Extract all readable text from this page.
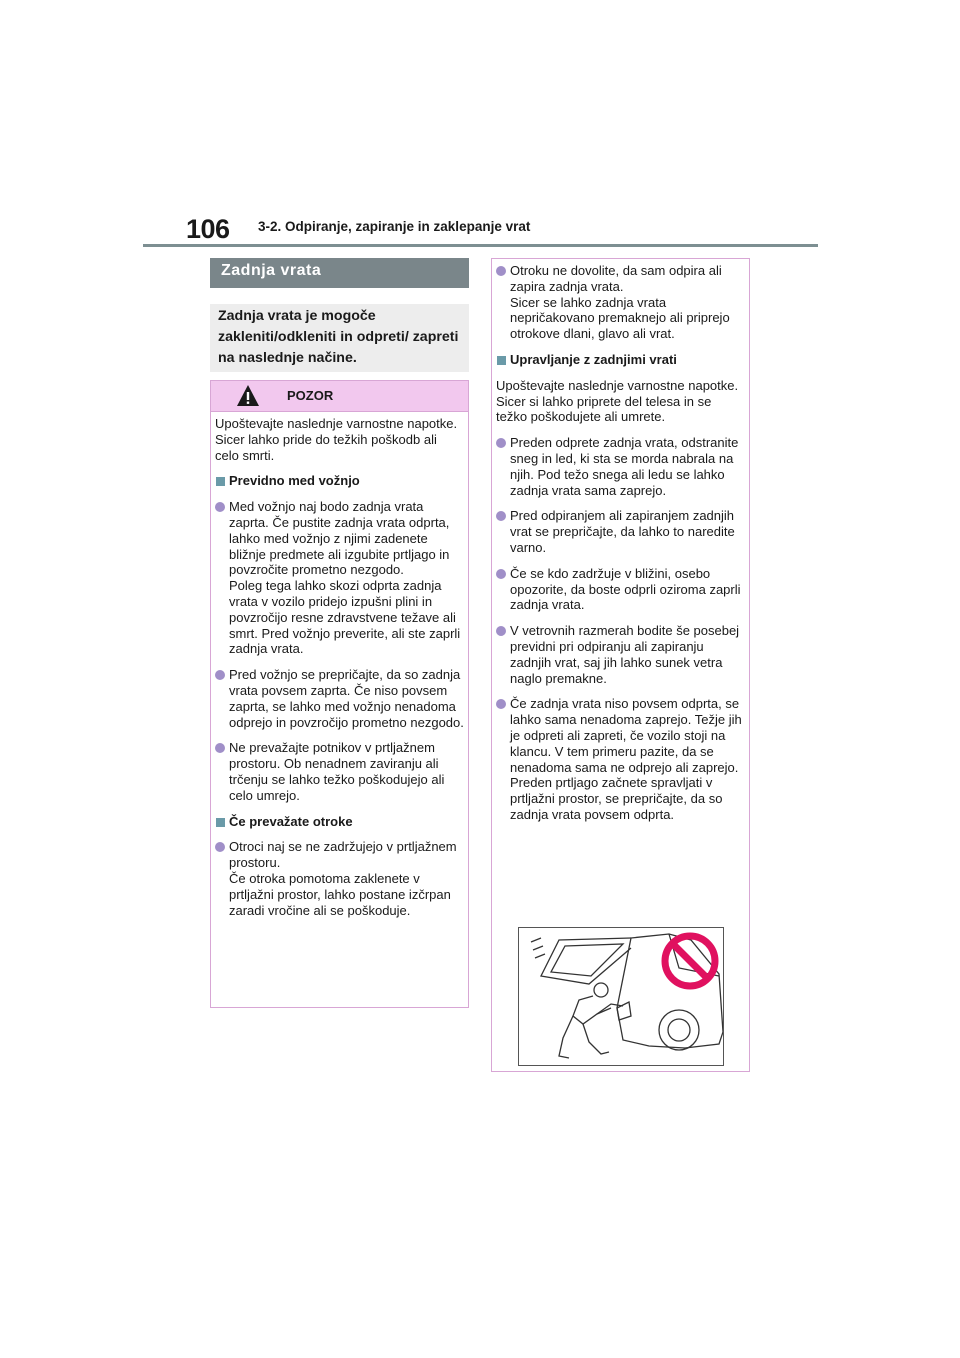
106 3-2. Odpiranje, zapiranje in zaklepanje vrat
Zadnja vrata

Zadnja vrata je mogoče zakleniti/odkleniti in odpreti/ zapreti na naslednje načine.

POZOR
Upoštevajte naslednje varnostne napotke.
Sicer lahko pride do težkih poškodb ali celo smrti.
Previdno med vožnjo
Med vožnjo naj bodo zadnja vrata zaprta. Če pustite zadnja vrata odprta, lahko med vožnjo z njimi zadenete bližnje predmete ali izgubite prtljago in povzročite prometno nezgodo.
Poleg tega lahko skozi odprta zadnja vrata v vozilo pridejo izpušni plini in povzročijo resne zdravstvene težave ali smrt. Pred vožnjo preverite, ali ste zaprli zadnja vrata.
Pred vožnjo se prepričajte, da so zadnja vrata povsem zaprta. Če niso povsem zaprta, se lahko med vožnjo nenadoma odprejo in povzročijo prometno nezgodo.
Ne prevažajte potnikov v prtljažnem prostoru. Ob nenadnem zaviranju ali trčenju se lahko težko poškodujejo ali celo umrejo.
Če prevažate otroke
Otroci naj se ne zadržujejo v prtljažnem prostoru.
Če otroka pomotoma zaklenete v prtljažni prostor, lahko postane izčrpan zaradi vročine ali se poškoduje.
Otroku ne dovolite, da sam odpira ali zapira zadnja vrata.
Sicer se lahko zadnja vrata nepričakovano premaknejo ali priprejo otrokove dlani, glavo ali vrat.
Upravljanje z zadnjimi vrati
Upoštevajte naslednje varnostne napotke.
Sicer si lahko priprete del telesa in se težko poškodujete ali umrete.
Preden odprete zadnja vrata, odstranite sneg in led, ki sta se morda nabrala na njih. Pod težo snega ali ledu se lahko zadnja vrata sama zaprejo.
Pred odpiranjem ali zapiranjem zadnjih vrat se prepričajte, da lahko to naredite varno.
Če se kdo zadržuje v bližini, osebo opozorite, da boste odprli oziroma zaprli zadnja vrata.
V vetrovnih razmerah bodite še posebej previdni pri odpiranju ali zapiranju zadnjih vrat, saj jih lahko sunek vetra naglo premakne.
Če zadnja vrata niso povsem odprta, se lahko sama nenadoma zaprejo. Težje jih je odpreti ali zapreti, če vozilo stoji na klancu. V tem primeru pazite, da se nenadoma sama ne odprejo ali zaprejo. Preden prtljago začnete spravljati v prtljažni prostor, se prepričajte, da so zadnja vrata povsem odprta.
